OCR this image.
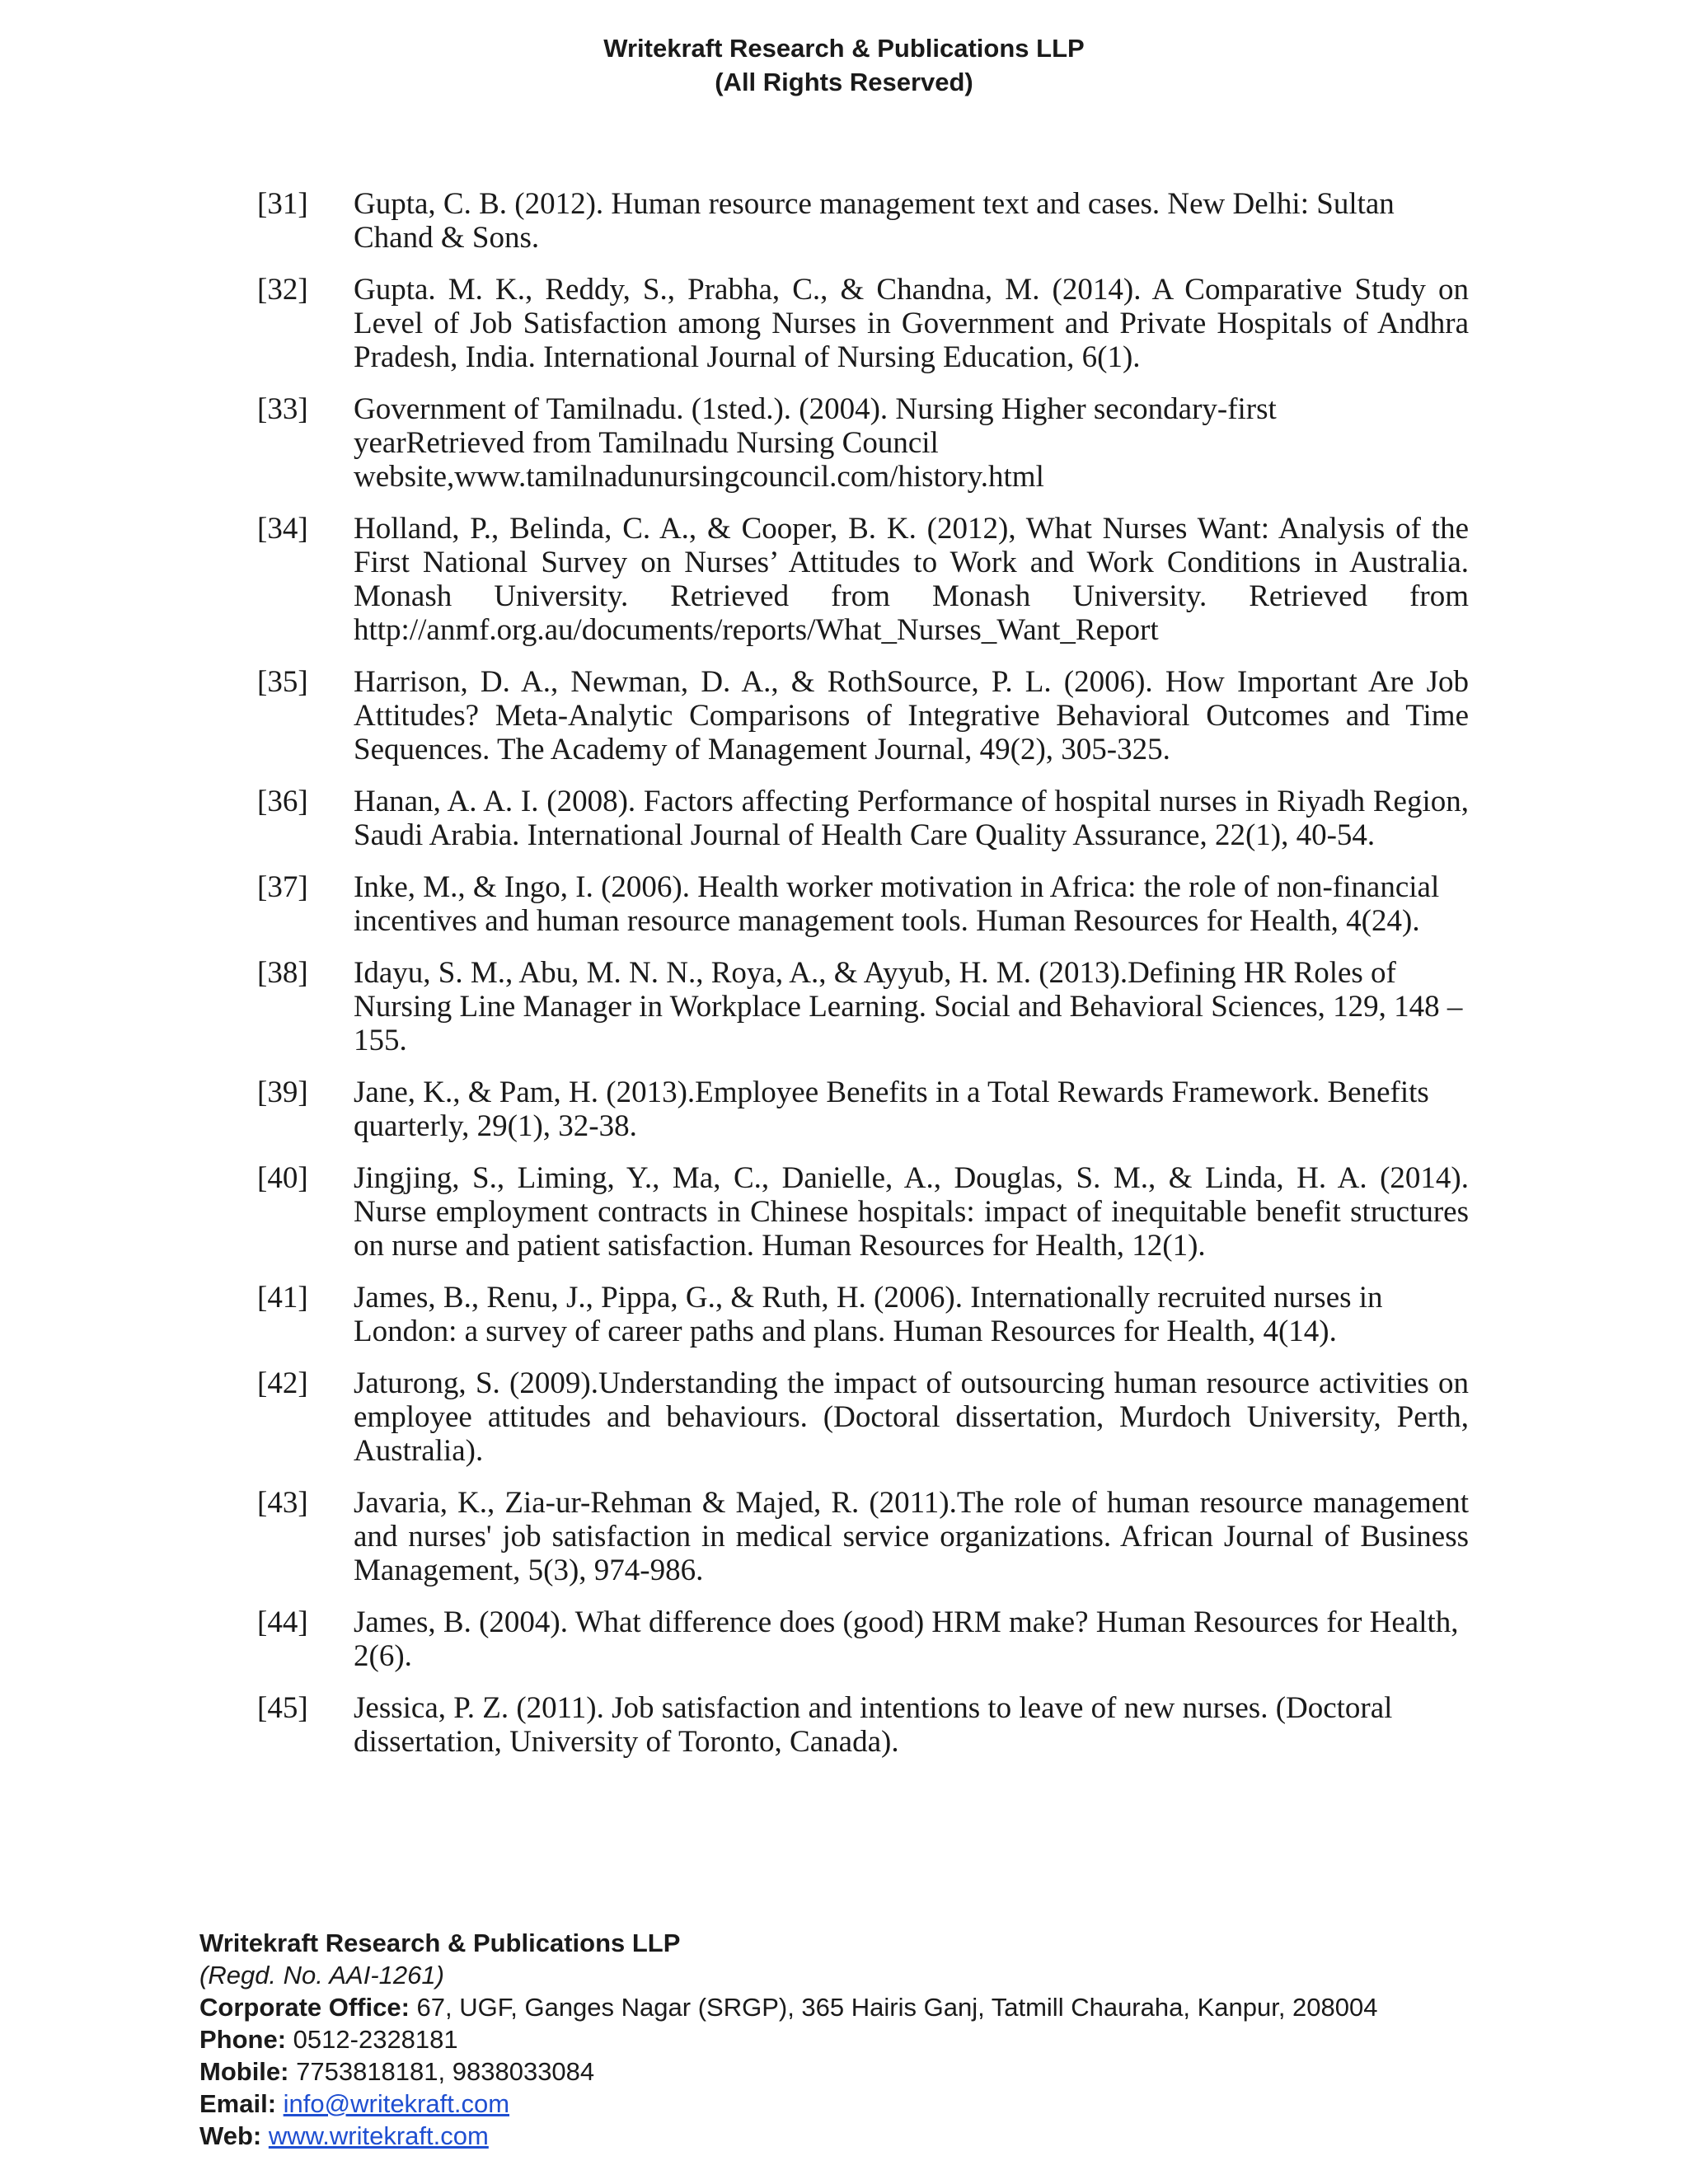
Writekraft Research & Publications LLP
(All Rights Reserved)
[31]	Gupta, C. B. (2012). Human resource management text and cases. New Delhi: Sultan Chand & Sons.
[32]	Gupta. M. K., Reddy, S., Prabha, C., & Chandna, M. (2014). A Comparative Study on Level of Job Satisfaction among Nurses in Government and Private Hospitals of Andhra Pradesh, India. International Journal of Nursing Education, 6(1).
[33]	Government of Tamilnadu. (1sted.). (2004). Nursing Higher secondary-first yearRetrieved from Tamilnadu Nursing Council website,www.tamilnadunursingcouncil.com/history.html
[34]	Holland, P., Belinda, C. A., & Cooper, B. K. (2012), What Nurses Want: Analysis of the First National Survey on Nurses’ Attitudes to Work and Work Conditions in Australia. Monash University. Retrieved from Monash University. Retrieved from http://anmf.org.au/documents/reports/What_Nurses_Want_Report
[35]	Harrison, D. A., Newman, D. A., & RothSource, P. L. (2006). How Important Are Job Attitudes? Meta-Analytic Comparisons of Integrative Behavioral Outcomes and Time Sequences. The Academy of Management Journal, 49(2), 305-325.
[36]	Hanan, A. A. I. (2008). Factors affecting Performance of hospital nurses in Riyadh Region, Saudi Arabia. International Journal of Health Care Quality Assurance, 22(1), 40-54.
[37]	Inke, M., & Ingo, I. (2006). Health worker motivation in Africa: the role of non-financial incentives and human resource management tools. Human Resources for Health, 4(24).
[38]	Idayu, S. M., Abu, M. N. N., Roya, A., & Ayyub, H. M. (2013).Defining HR Roles of Nursing Line Manager in Workplace Learning. Social and Behavioral Sciences, 129, 148 – 155.
[39]	Jane, K., & Pam, H. (2013).Employee Benefits in a Total Rewards Framework. Benefits quarterly, 29(1), 32-38.
[40]	Jingjing, S., Liming, Y., Ma, C., Danielle, A., Douglas, S. M., & Linda, H. A. (2014). Nurse employment contracts in Chinese hospitals: impact of inequitable benefit structures on nurse and patient satisfaction. Human Resources for Health, 12(1).
[41]	James, B., Renu, J., Pippa, G., & Ruth, H. (2006). Internationally recruited nurses in London: a survey of career paths and plans. Human Resources for Health, 4(14).
[42]	Jaturong, S. (2009).Understanding the impact of outsourcing human resource activities on employee attitudes and behaviours. (Doctoral dissertation, Murdoch University, Perth, Australia).
[43]	Javaria, K., Zia-ur-Rehman & Majed, R. (2011).The role of human resource management and nurses' job satisfaction in medical service organizations. African Journal of Business Management, 5(3), 974-986.
[44]	James, B. (2004). What difference does (good) HRM make? Human Resources for Health, 2(6).
[45]	Jessica, P. Z. (2011). Job satisfaction and intentions to leave of new nurses. (Doctoral dissertation, University of Toronto, Canada).
Writekraft Research & Publications LLP
(Regd. No. AAI-1261)
Corporate Office: 67, UGF, Ganges Nagar (SRGP), 365 Hairis Ganj, Tatmill Chauraha, Kanpur, 208004
Phone: 0512-2328181
Mobile: 7753818181, 9838033084
Email: info@writekraft.com
Web: www.writekraft.com
